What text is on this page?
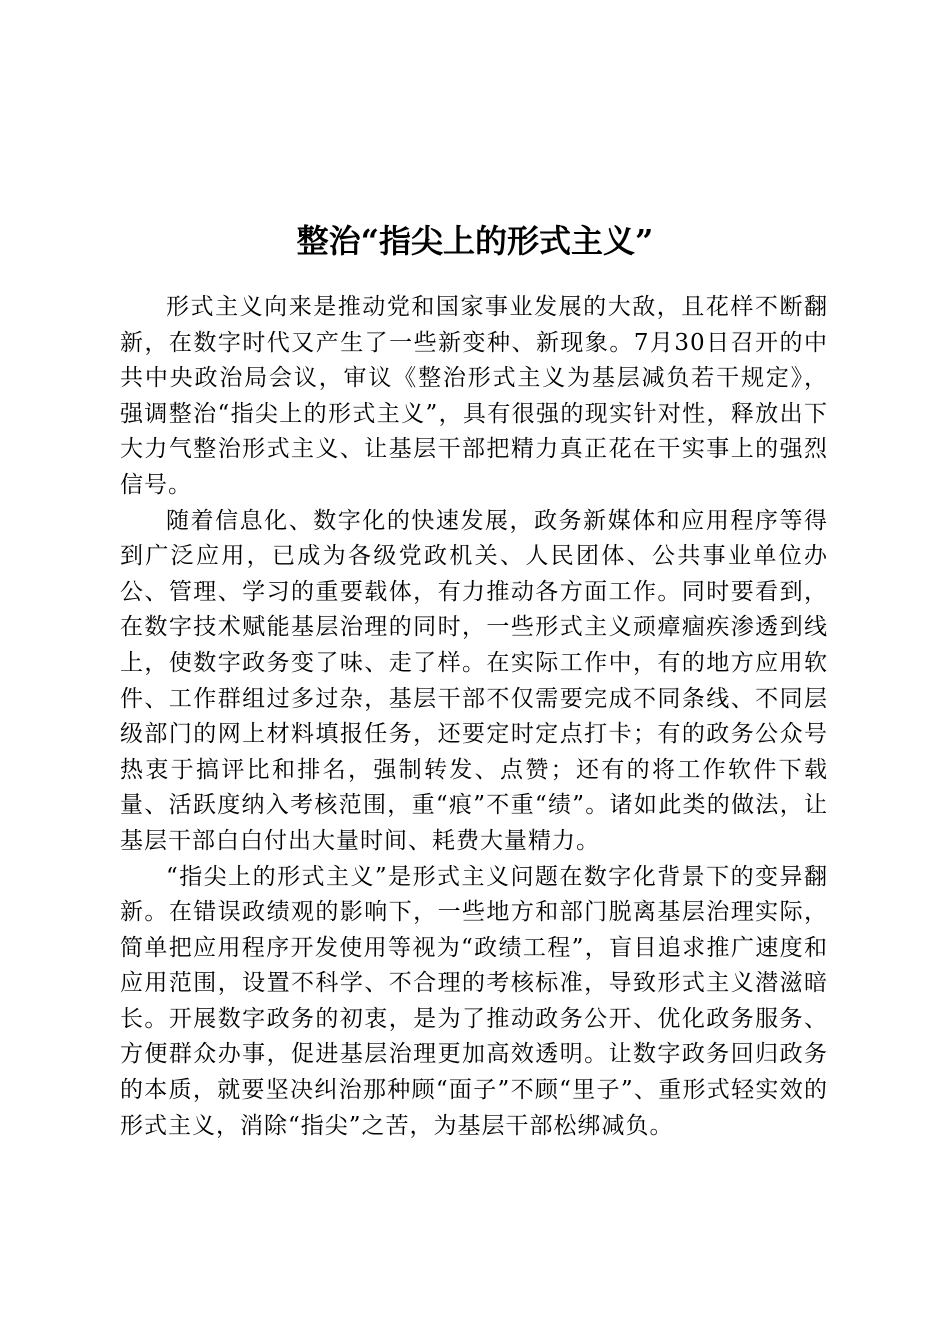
整治“指尖上的形式主义”

形式主义向来是推动党和国家事业发展的大敌，且花样不断翻新，在数字时代又产生了一些新变种、新现象。7月30日召开的中共中央政治局会议，审议《整治形式主义为基层减负若干规定》，强调整治“指尖上的形式主义”，具有很强的现实针对性，释放出下大力气整治形式主义、让基层干部把精力真正花在干实事上的强烈信号。

随着信息化、数字化的快速发展，政务新媒体和应用程序等得到广泛应用，已成为各级党政机关、人民团体、公共事业单位办公、管理、学习的重要载体，有力推动各方面工作。同时要看到，在数字技术赋能基层治理的同时，一些形式主义顽瘴痼疾渗透到线上，使数字政务变了味、走了样。在实际工作中，有的地方应用软件、工作群组过多过杂，基层干部不仅需要完成不同条线、不同层级部门的网上材料填报任务，还要定时定点打卡；有的政务公众号热衷于搞评比和排名，强制转发、点赞；还有的将工作软件下载量、活跃度纳入考核范围，重“痕”不重“绩”。诸如此类的做法，让基层干部白白付出大量时间、耗费大量精力。

“指尖上的形式主义”是形式主义问题在数字化背景下的变异翻新。在错误政绩观的影响下，一些地方和部门脱离基层治理实际，简单把应用程序开发使用等视为“政绩工程”，盲目追求推广速度和应用范围，设置不科学、不合理的考核标准，导致形式主义潜滋暗长。开展数字政务的初衷，是为了推动政务公开、优化政务服务、方便群众办事，促进基层治理更加高效透明。让数字政务回归政务的本质，就要坚决纠治那种顾“面子”不顾“里子”、重形式轻实效的形式主义，消除“指尖”之苦，为基层干部松绑减负。
